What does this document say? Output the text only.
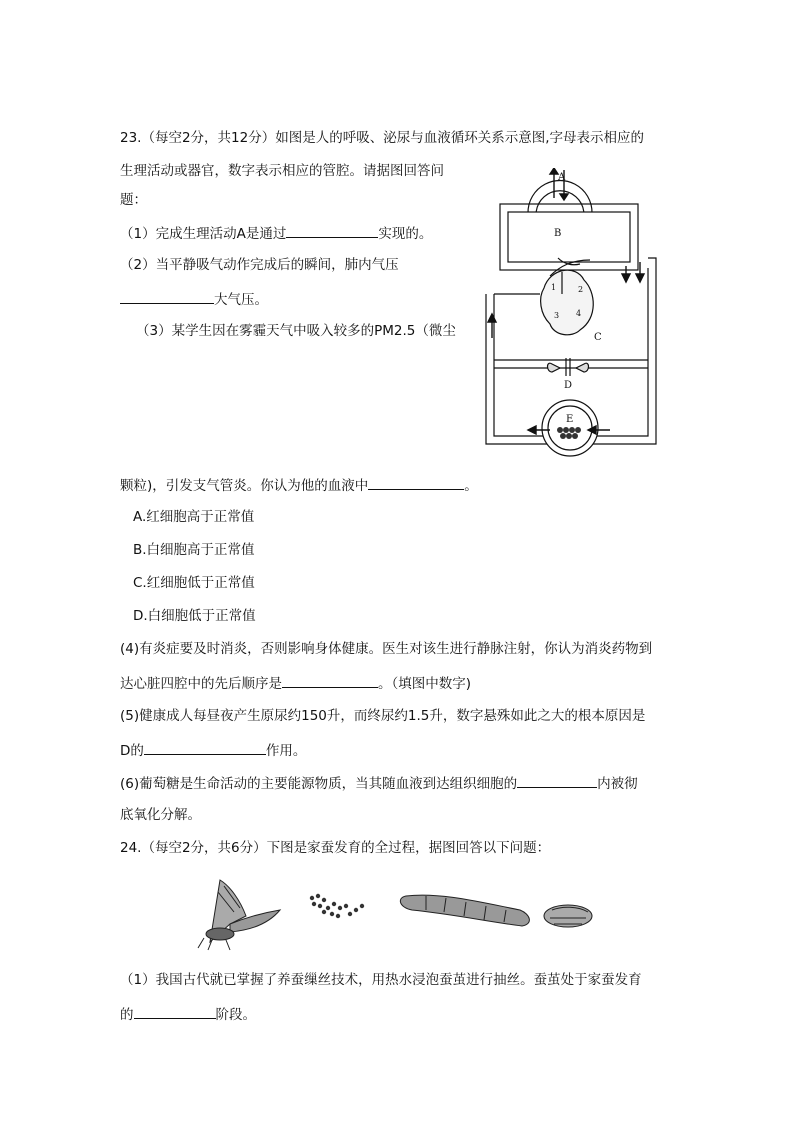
23.（每空2分，共12分）如图是人的呼吸、泌尿与血液循环关系示意图,字母表示相应的
生理活动或器官，数字表示相应的管腔。请据图回答问
题：
（1）完成生理活动A是通过	实现的。
（2）当平静吸气动作完成后的瞬间，肺内气压
大气压。
（3）某学生因在雾霾天气中吸入较多的PM2.5（微尘
A
B
C
D
E
1	2
3 4
颗粒)，引发支气管炎。你认为他的血液中	。
A.红细胞高于正常值
B.白细胞高于正常值
C.红细胞低于正常值
D.白细胞低于正常值
(4)有炎症要及时消炎，否则影响身体健康。医生对该生进行静脉注射，你认为消炎药物到
达心脏四腔中的先后顺序是	。（填图中数字)
(5)健康成人每昼夜产生原尿约150升，而终尿约1.5升，数字悬殊如此之大的根本原因是
D的	作用。
(6)葡萄糖是生命活动的主要能源物质，当其随血液到达组织细胞的	内被彻
底氧化分解。
24.（每空2分，共6分）下图是家蚕发育的全过程，据图回答以下问题：
（1）我国古代就已掌握了养蚕缫丝技术，用热水浸泡蚕茧进行抽丝。蚕茧处于家蚕发育
的	阶段。
